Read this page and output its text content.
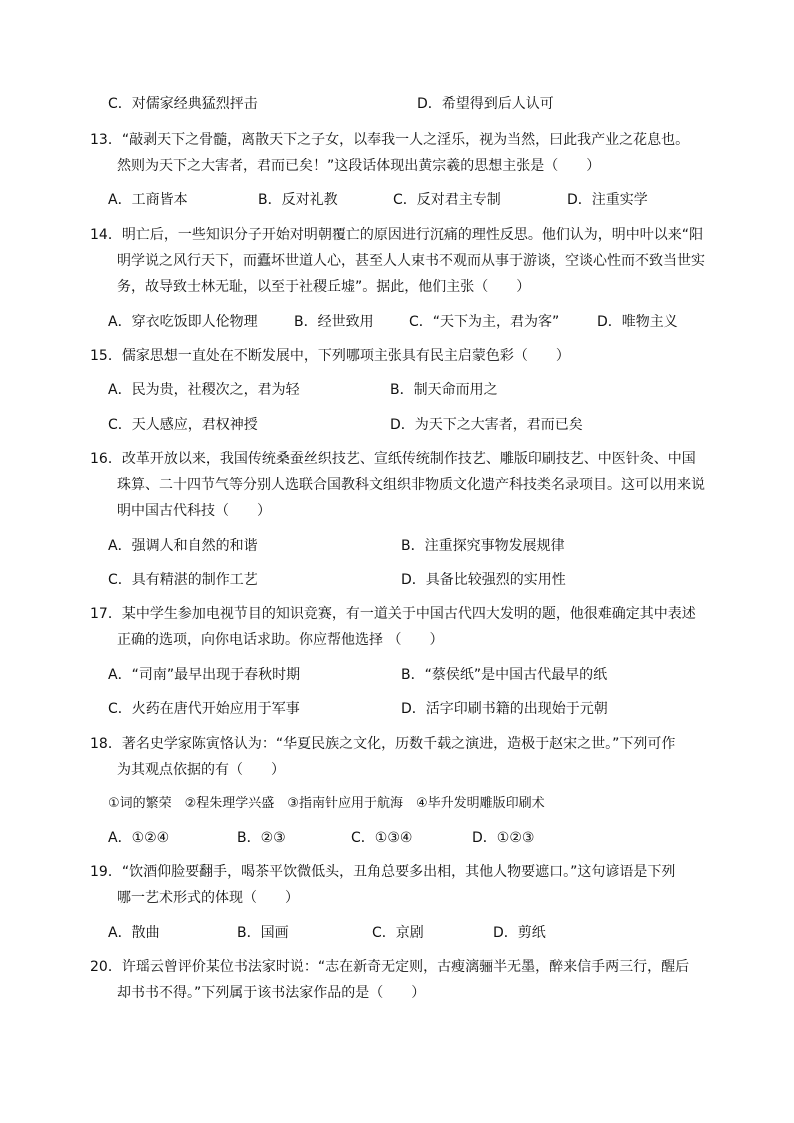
C．对儒家经典猛烈抨击	D．希望得到后人认可
13．“敲剥天下之骨髓，离散天下之子女，以奉我一人之淫乐，视为当然，曰此我产业之花息也。
然则为天下之大害者，君而已矣！”这段话体现出黄宗羲的思想主张是（　　）
A．工商皆本	B．反对礼教	C．反对君主专制	D．注重实学
14．明亡后，一些知识分子开始对明朝覆亡的原因进行沉痛的理性反思。他们认为，明中叶以来“阳
明学说之风行天下，而蠹坏世道人心，甚至人人束书不观而从事于游谈，空谈心性而不致当世实
务，故导致士林无耻，以至于社稷丘墟”。据此，他们主张（　　）
A．穿衣吃饭即人伦物理	B．经世致用	C．“天下为主，君为客”	D．唯物主义
15．儒家思想一直处在不断发展中，下列哪项主张具有民主启蒙色彩（　　）
A．民为贵，社稷次之，君为轻	B．制天命而用之
C．天人感应，君权神授	D．为天下之大害者，君而已矣
16．改革开放以来，我国传统桑蚕丝织技艺、宣纸传统制作技艺、雕版印刷技艺、中医针灸、中国
珠算、二十四节气等分别人选联合国教科文组织非物质文化遗产科技类名录项目。这可以用来说
明中国古代科技（　　）
A．强调人和自然的和谐	B．注重探究事物发展规律
C．具有精湛的制作工艺	D．具备比较强烈的实用性
17．某中学生参加电视节目的知识竞赛，有一道关于中国古代四大发明的题，他很难确定其中表述
正确的选项，向你电话求助。你应帮他选择 （　　）
A．“司南”最早出现于春秋时期	B．“蔡侯纸”是中国古代最早的纸
C．火药在唐代开始应用于军事	D．活字印刷书籍的出现始于元朝
18．著名史学家陈寅恪认为：“华夏民族之文化，历数千载之演进，造极于赵宋之世。”下列可作
为其观点依据的有（　　）
①词的繁荣　②程朱理学兴盛　③指南针应用于航海　④毕升发明雕版印刷术
A．①②④	B．②③	C．①③④	D．①②③
19．“饮酒仰脸要翻手，喝茶平饮微低头，丑角总要多出相，其他人物要遮口。”这句谚语是下列
哪一艺术形式的体现（　　）
A．散曲	B．国画	C．京剧	D．剪纸
20．许瑶云曾评价某位书法家时说：“志在新奇无定则，古瘦漓骊半无墨，醉来信手两三行，醒后
却书书不得。”下列属于该书法家作品的是（　　）
